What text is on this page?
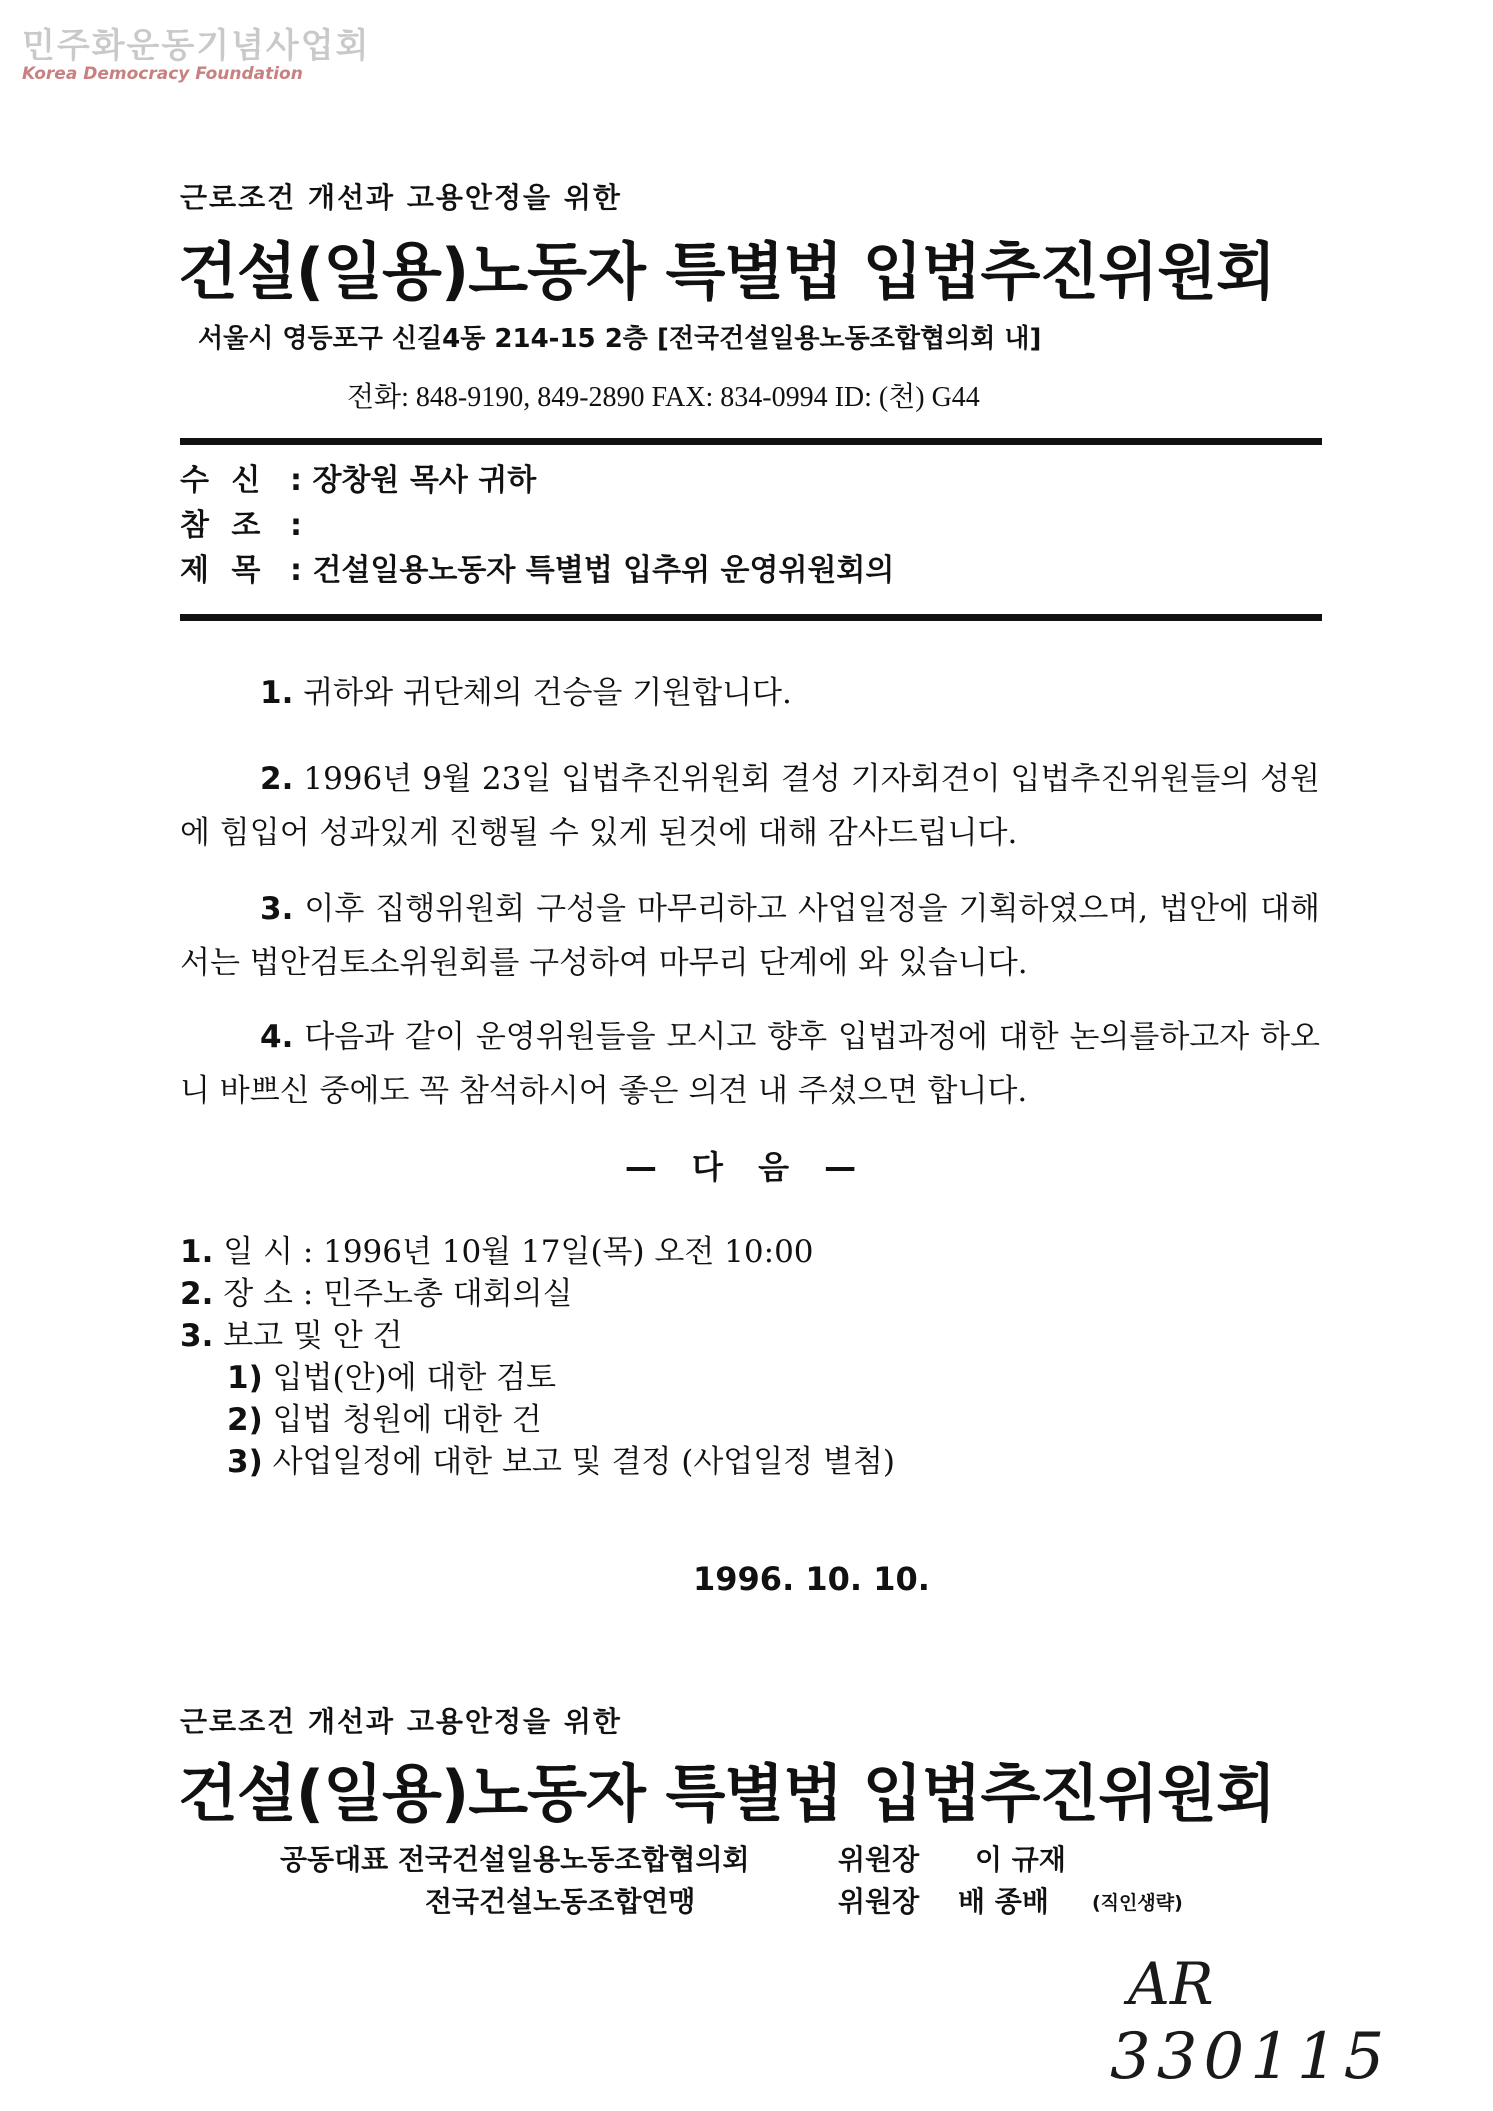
민주화운동기념사업회
Korea Democracy Foundation
근로조건 개선과 고용안정을 위한
건설(일용)노동자 특별법 입법추진위원회
서울시 영등포구 신길4동 214-15 2층 [전국건설일용노동조합협의회 내]
전화: 848-9190, 849-2890 FAX: 834-0994 ID: (천) G44
수 신 : 장창원 목사 귀하
참 조 :
제 목 : 건설일용노동자 특별법 입추위 운영위원회의
1. 귀하와 귀단체의 건승을 기원합니다.
2. 1996년 9월 23일 입법추진위원회 결성 기자회견이 입법추진위원들의 성원에 힘입어 성과있게 진행될 수 있게 된것에 대해 감사드립니다.
3. 이후 집행위원회 구성을 마무리하고 사업일정을 기획하였으며, 법안에 대해서는 법안검토소위원회를 구성하여 마무리 단계에 와 있습니다.
4. 다음과 같이 운영위원들을 모시고 향후 입법과정에 대한 논의를하고자 하오니 바쁘신 중에도 꼭 참석하시어 좋은 의견 내 주셨으면 합니다.
— 다 음 —
1. 일 시 : 1996년 10월 17일(목) 오전 10:00
2. 장 소 : 민주노총 대회의실
3. 보고 및 안 건
1) 입법(안)에 대한 검토
2) 입법 청원에 대한 건
3) 사업일정에 대한 보고 및 결정 (사업일정 별첨)
1996. 10. 10.
근로조건 개선과 고용안정을 위한
건설(일용)노동자 특별법 입법추진위원회
공동대표 전국건설일용노동조합협의회	위원장 이 규재
전국건설노동조합연맹	위원장 배 종배 (직인생략)
AR
330115
